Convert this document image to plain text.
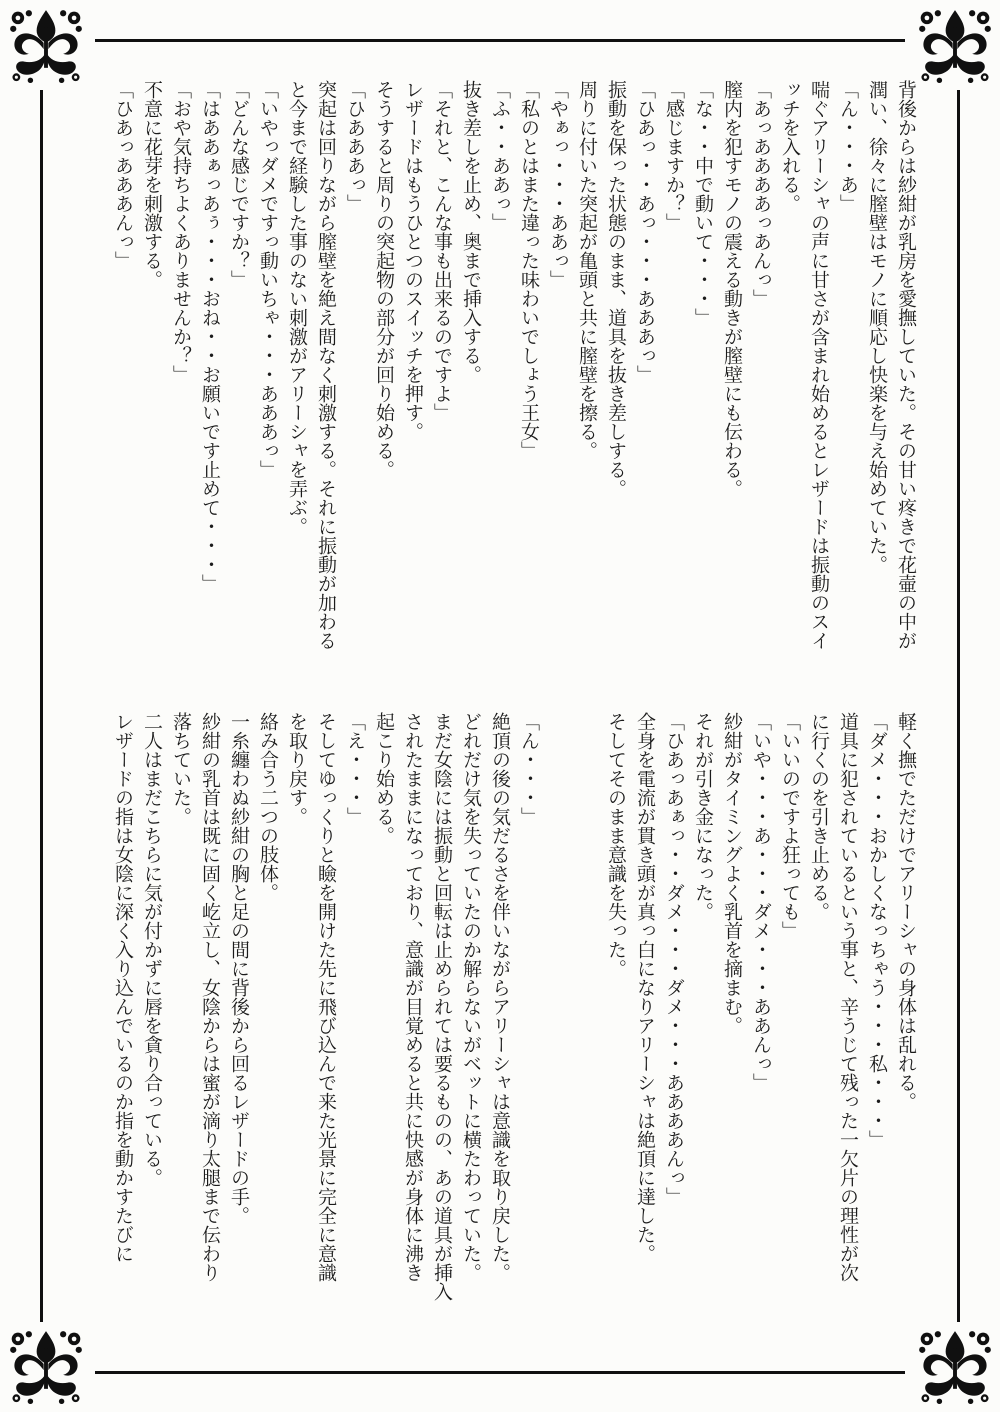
背後からは紗紺が乳房を愛撫していた。その甘い疼きで花壷の中が
潤い、徐々に膣壁はモノに順応し快楽を与え始めていた。
「ん・・・あ」
喘ぐアリーシャの声に甘さが含まれ始めるとレザードは振動のスイ
ッチを入れる。
「あっああああっあんっ」
膣内を犯すモノの震える動きが膣壁にも伝わる。
「な・・中で動いて・・・」
「感じますか？」
「ひあっ・・あっ・・・あああっ」
振動を保った状態のまま、道具を抜き差しする。
周りに付いた突起が亀頭と共に膣壁を擦る。
「やぁっ・・・ああっ」
「私のとはまた違った味わいでしょう王女」
「ふ・・ああっ」
抜き差しを止め、奥まで挿入する。
「それと、こんな事も出来るのですよ」
レザードはもうひとつのスイッチを押す。
そうすると周りの突起物の部分が回り始める。
「ひあああっ」
突起は回りながら膣壁を絶え間なく刺激する。それに振動が加わる
と今まで経験した事のない刺激がアリーシャを弄ぶ。
「いやっダメですっ動いちゃ・・・あああっ」
「どんな感じですか？」
「はああぁっあぅ・・・おね・・お願いです止めて・・・」
「おや気持ちよくありませんか？」
不意に花芽を刺激する。
「ひあっあああんっ」
軽く撫でただけでアリーシャの身体は乱れる。
「ダメ・・・おかしくなっちゃう・・・私・・・」
道具に犯されているという事と、辛うじて残った一欠片の理性が次
に行くのを引き止める。
「いいのですよ狂っても」
「いや・・・あ・・・ダメ・・・ああんっ」
紗紺がタイミングよく乳首を摘まむ。
それが引き金になった。
「ひあっあぁっ・・ダメ・・・ダメ・・・ああああんっ」
全身を電流が貫き頭が真っ白になりアリーシャは絶頂に達した。
そしてそのまま意識を失った。
「ん・・・」
絶頂の後の気だるさを伴いながらアリーシャは意識を取り戻した。
どれだけ気を失っていたのか解らないがベットに横たわっていた。
まだ女陰には振動と回転は止められては要るものの、あの道具が挿入
されたままになっており、意識が目覚めると共に快感が身体に沸き
起こり始める。
「え・・・」
そしてゆっくりと瞼を開けた先に飛び込んで来た光景に完全に意識
を取り戻す。
絡み合う二つの肢体。
一糸纏わぬ紗紺の胸と足の間に背後から回るレザードの手。
紗紺の乳首は既に固く屹立し、女陰からは蜜が滴り太腿まで伝わり
落ちていた。
二人はまだこちらに気が付かずに唇を貪り合っている。
レザードの指は女陰に深く入り込んでいるのか指を動かすたびに
